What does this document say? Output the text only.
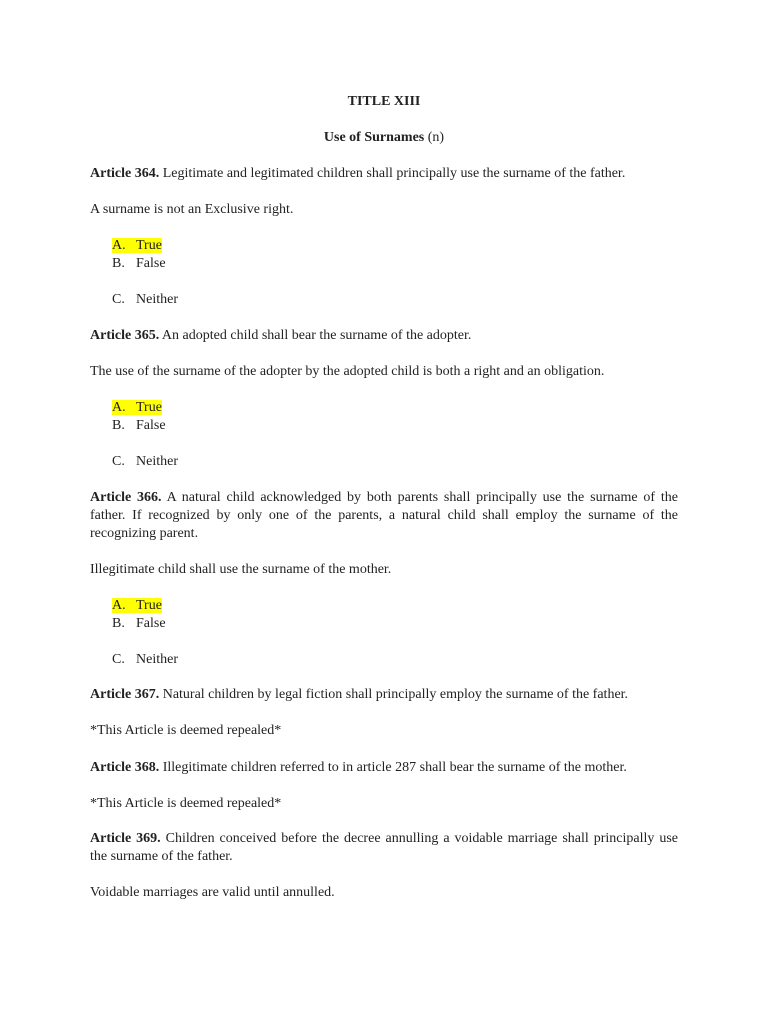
TITLE XIII
Use of Surnames (n)
Article 364. Legitimate and legitimated children shall principally use the surname of the father.
A surname is not an Exclusive right.
A. True
B. False
C. Neither
Article 365. An adopted child shall bear the surname of the adopter.
The use of the surname of the adopter by the adopted child is both a right and an obligation.
A. True
B. False
C. Neither
Article 366. A natural child acknowledged by both parents shall principally use the surname of the father. If recognized by only one of the parents, a natural child shall employ the surname of the recognizing parent.
Illegitimate child shall use the surname of the mother.
A. True
B. False
C. Neither
Article 367. Natural children by legal fiction shall principally employ the surname of the father.
*This Article is deemed repealed*
Article 368. Illegitimate children referred to in article 287 shall bear the surname of the mother.
*This Article is deemed repealed*
Article 369. Children conceived before the decree annulling a voidable marriage shall principally use the surname of the father.
Voidable marriages are valid until annulled.
